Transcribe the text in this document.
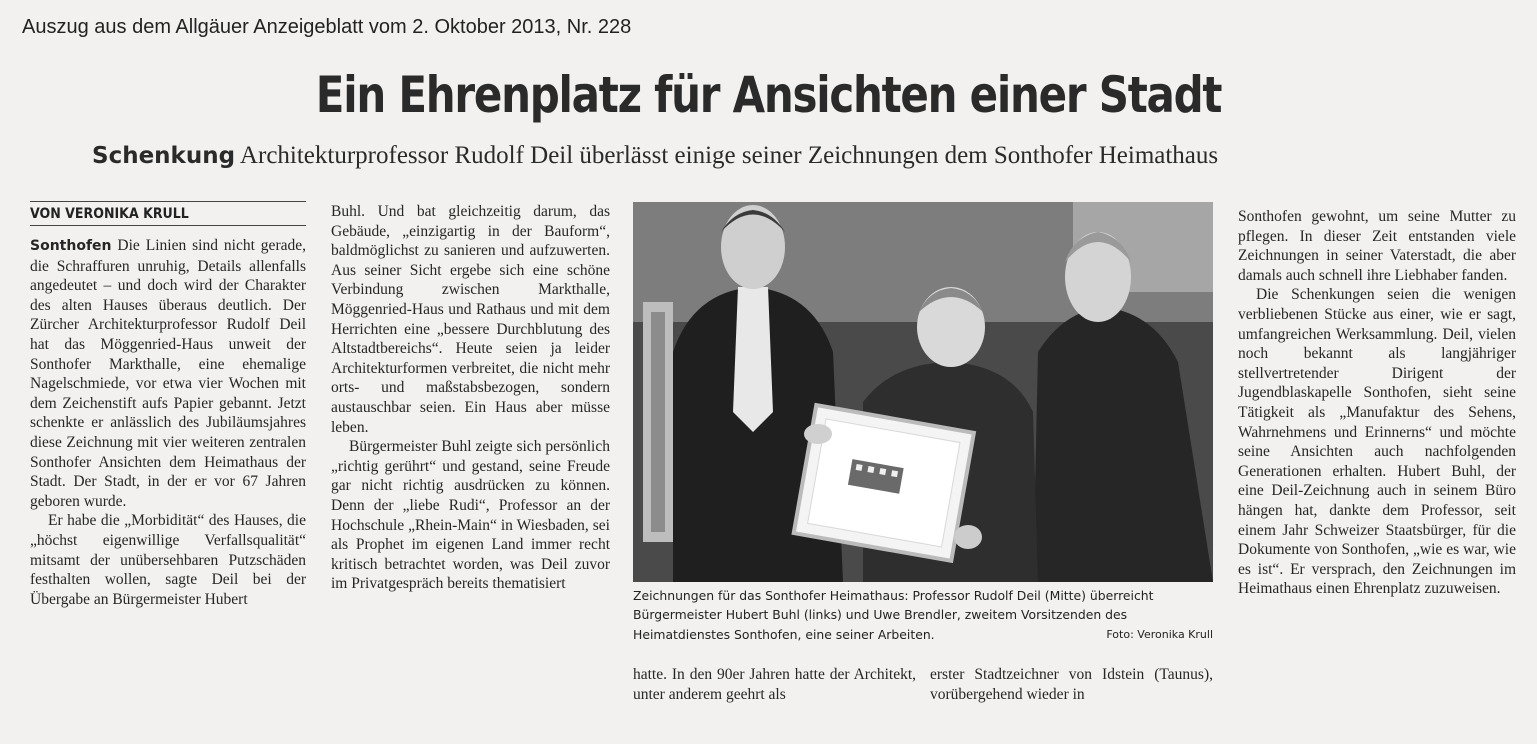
Auszug aus dem Allgäuer Anzeigeblatt vom 2. Oktober 2013, Nr. 228
Ein Ehrenplatz für Ansichten einer Stadt
Schenkung Architekturprofessor Rudolf Deil überlässt einige seiner Zeichnungen dem Sonthofer Heimathaus
VON VERONIKA KRULL

Sonthofen Die Linien sind nicht gerade, die Schraffuren unruhig, Details allenfalls angedeutet – und doch wird der Charakter des alten Hauses überaus deutlich. Der Zürcher Architekturprofessor Rudolf Deil hat das Möggenried-Haus unweit der Sonthofer Markthalle, eine ehemalige Nagelschmiede, vor etwa vier Wochen mit dem Zeichenstift aufs Papier gebannt. Jetzt schenkte er anlässlich des Jubiläumsjahres diese Zeichnung mit vier weiteren zentralen Sonthofer Ansichten dem Heimathaus der Stadt. Der Stadt, in der er vor 67 Jahren geboren wurde.

Er habe die „Morbidität“ des Hauses, die „höchst eigenwillige Verfallsqualität“ mitsamt der unübersehbaren Putzschäden festhalten wollen, sagte Deil bei der Übergabe an Bürgermeister Hubert

Buhl. Und bat gleichzeitig darum, das Gebäude, „einzigartig in der Bauform“, baldmöglichst zu sanieren und aufzuwerten. Aus seiner Sicht ergebe sich eine schöne Verbindung zwischen Markthalle, Möggenried-Haus und Rathaus und mit dem Herrichten eine „bessere Durchblutung des Altstadtbereichs“. Heute seien ja leider Architekturformen verbreitet, die nicht mehr orts- und maßstabsbezogen, sondern austauschbar seien. Ein Haus aber müsse leben.

Bürgermeister Buhl zeigte sich persönlich „richtig gerührt“ und gestand, seine Freude gar nicht richtig ausdrücken zu können. Denn der „liebe Rudi“, Professor an der Hochschule „Rhein-Main“ in Wiesbaden, sei als Prophet im eigenen Land immer recht kritisch betrachtet worden, was Deil zuvor im Privatgespräch bereits thematisiert

Zeichnungen für das Sonthofer Heimathaus: Professor Rudolf Deil (Mitte) überreicht Bürgermeister Hubert Buhl (links) und Uwe Brendler, zweitem Vorsitzenden des Heimatdienstes Sonthofen, eine seiner Arbeiten.	Foto: Veronika Krull
hatte. In den 90er Jahren hatte der Architekt, unter anderem geehrt als
erster Stadtzeichner von Idstein (Taunus), vorübergehend wieder in

Sonthofen gewohnt, um seine Mutter zu pflegen. In dieser Zeit entstanden viele Zeichnungen in seiner Vaterstadt, die aber damals auch schnell ihre Liebhaber fanden.

Die Schenkungen seien die wenigen verbliebenen Stücke aus einer, wie er sagt, umfangreichen Werksammlung. Deil, vielen noch bekannt als langjähriger stellvertretender Dirigent der Jugendblaskapelle Sonthofen, sieht seine Tätigkeit als „Manufaktur des Sehens, Wahrnehmens und Erinnerns“ und möchte seine Ansichten auch nachfolgenden Generationen erhalten. Hubert Buhl, der eine Deil-Zeichnung auch in seinem Büro hängen hat, dankte dem Professor, seit einem Jahr Schweizer Staatsbürger, für die Dokumente von Sonthofen, „wie es war, wie es ist“. Er versprach, den Zeichnungen im Heimathaus einen Ehrenplatz zuzuweisen.
